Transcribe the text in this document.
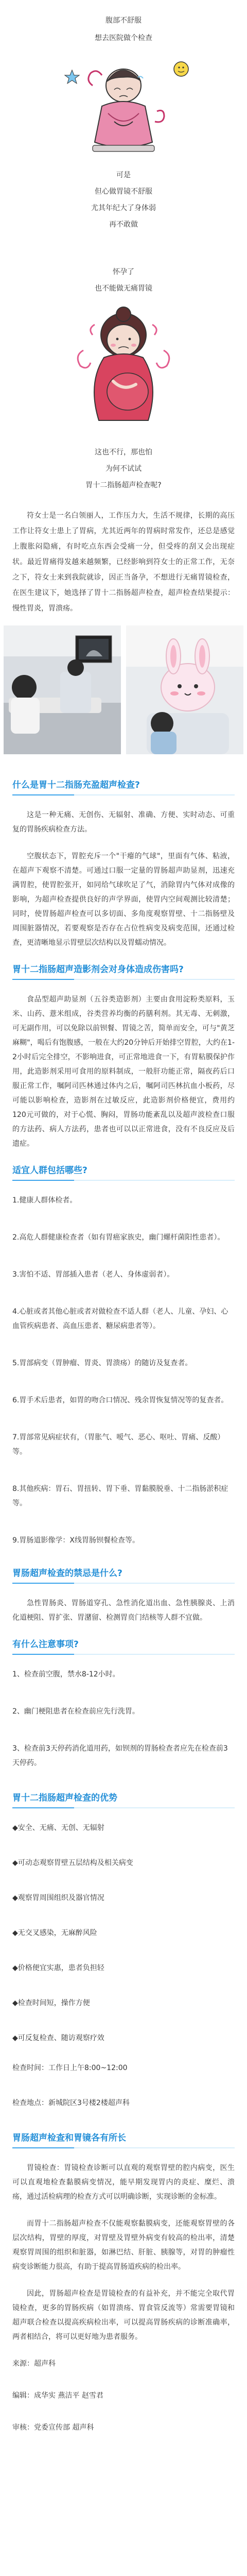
腹部不舒服
想去医院做个检查
可是
但心做胃镜不舒服
尤其年纪大了身体弱
再不敢做
怀孕了
也不能做无痛胃镜
这也不行，那也怕
为何不试试
胃十二指肠超声检查呢?

符女士是一名白领丽人，工作压力大，生活不规律，长期的高压工作让符女士患上了胃病，尤其近两年的胃病时常发作，还总是感觉上腹胀闷隐痛，有时吃点东西会受痛一分，但受疼的刮又会出现症状。最近胃痛得发越来越频繁，已经影响到符女士的正常工作，无奈之下，符女士来到我院就诊，因正当备孕，不想进行无痛胃镜检查，在医生建议下，她选择了胃十二指肠超声检查，超声检查结果提示：慢性胃炎，胃溃疡。

什么是胃十二指肠充盈超声检查?

这是一种无痛、无创伤、无辐射、准确、方便、实时动态、可重复的胃肠疾病检查方法。

空腹状态下，胃腔充斥一个"干瘪的气球"，里面有气体、粘液，在超声下观察不清楚。可通过口服一定量的胃肠超声助显剂，迅速充满胃腔，使胃腔张开，如同给气球吹足了气，消除胃内气体对成像的影响，为超声检查提供良好的声学界面，使胃内空间观测比较清楚；同时，使胃肠超声检查可以多切面、多角度观察胃壁、十二指肠壁及周围脏器情况，若要观察是否存在占位性病变及病变范围，还通过检查，更清晰地显示胃壁层次结构以及胃蠕动情况。

胃十二指肠超声造影剂会对身体造成伤害吗?

食品型超声助显剂（五谷类造影剂）主要由食用淀粉类原料，玉米、山药、薏米组成，谷类营养均衡的药膳利剂。其无毒、无刺激，可无副作用，可以免除以前钡餐、胃镜之苦，简单而安全，可与"黄芝麻糊"，喝后有饱腹感，一般在大约20分钟后开始排空胃腔，大约在1-2小时后完全排空，不影响进食，可正常地进食一下，有胃粘膜保护作用，此造影剂采用可食用的原料制成，一般肝功能正常，隔夜药后口服正常工作，嘱阿司匹林通过体内之后，嘱阿司匹林抗血小板药，尽可能以影响检查，造影剂在过敏反应，此造影剂价格便宜，费用约120元可做的，对于心慌、胸闷，胃肠功能紊乱以及超声波检查口服的方法药、病人方法药，患者也可以以正常进食，没有不良反应及后遗症。

适宜人群包括哪些?

1.健康人群体检者。

2.高危人群健康检查者（如有胃癌家族史，幽门螺杆菌阳性患者）。

3.害怕不适、胃部插入患者（老人、身体虚弱者）。

4.心脏或者其他心脏或者对做检查不适人群（老人、儿童、孕妇、心血管疾病患者、高血压患者、糖尿病患者等）。

5.胃部病变（胃肿瘤、胃炎、胃溃疡）的随访及复查者。

6.胃手术后患者，如胃的吻合口情况、残余胃恢复情况等的复查者。

7.胃部常见病症状有，（胃胀气、嗳气、恶心、呕吐、胃痛、反酸）等。

8.其他疾病：胃石、胃扭转、胃下垂、胃黏膜脱垂、十二指肠淤积症等。

9.胃肠道影像学：X线胃肠钡餐检查等。

胃肠超声检查的禁忌是什么?

急性胃肠炎、胃肠道穿孔、急性消化道出血、急性胰腺炎、上消化道梗阻、胃扩张、胃潴留、检测胃贲门结核等人群不宜做。

有什么注意事项?

1、检查前空腹，禁水8-12小时。

2、幽门梗阻患者在检查前应先行洗胃。

3、检查前3天停药消化道用药，如钡剂的胃肠检查者应先在检查前3天停药。

胃十二指肠超声检查的优势

◆安全、无痛、无创、无辐射

◆可动态观察胃壁五层结构及相关病变

◆观察胃周围组织及器官情况

◆无交叉感染，无麻醉风险

◆价格便宜实惠，患者负担轻

◆检查时间短，操作方便

◆可反复检查、随访观察疗效

检查时间：工作日上午8:00~12:00

检查地点：新城院区3号楼2楼超声科

胃肠超声检查和胃镜各有所长

胃镜检查：胃镜检查诊断可以直观的观察胃壁的腔内病变，医生可以直观地检查黏膜病变情况，能早期发现胃内的炎症、糜烂、溃疡，通过活检病理的检查方式可以明确诊断，实现诊断的金标准。

而胃十二指肠超声检查不仅能观察黏膜病变，还能观察胃壁的各层次结构，胃壁的厚度，对胃壁及胃壁外病变有较高的检出率，清楚观察胃周围的组织和脏器，如淋巴结、肝脏、胰腺等，对胃的肿瘤性病变诊断能力很高，有助于提高胃肠道疾病的检出率。

因此，胃肠超声检查是胃镜检查的有益补充，并不能完全取代胃镜检查，更多的胃肠疾病（如胃溃疡、胃食管反流等）常需要胃镜和超声联合检查以提高疾病检出率，可以提高胃肠疾病的诊断准确率，两者相结合，将可以更好地为患者服务。

来源：超声科

编辑：成华实 燕洁平 赵雪君

审核：党委宣传部 超声科
